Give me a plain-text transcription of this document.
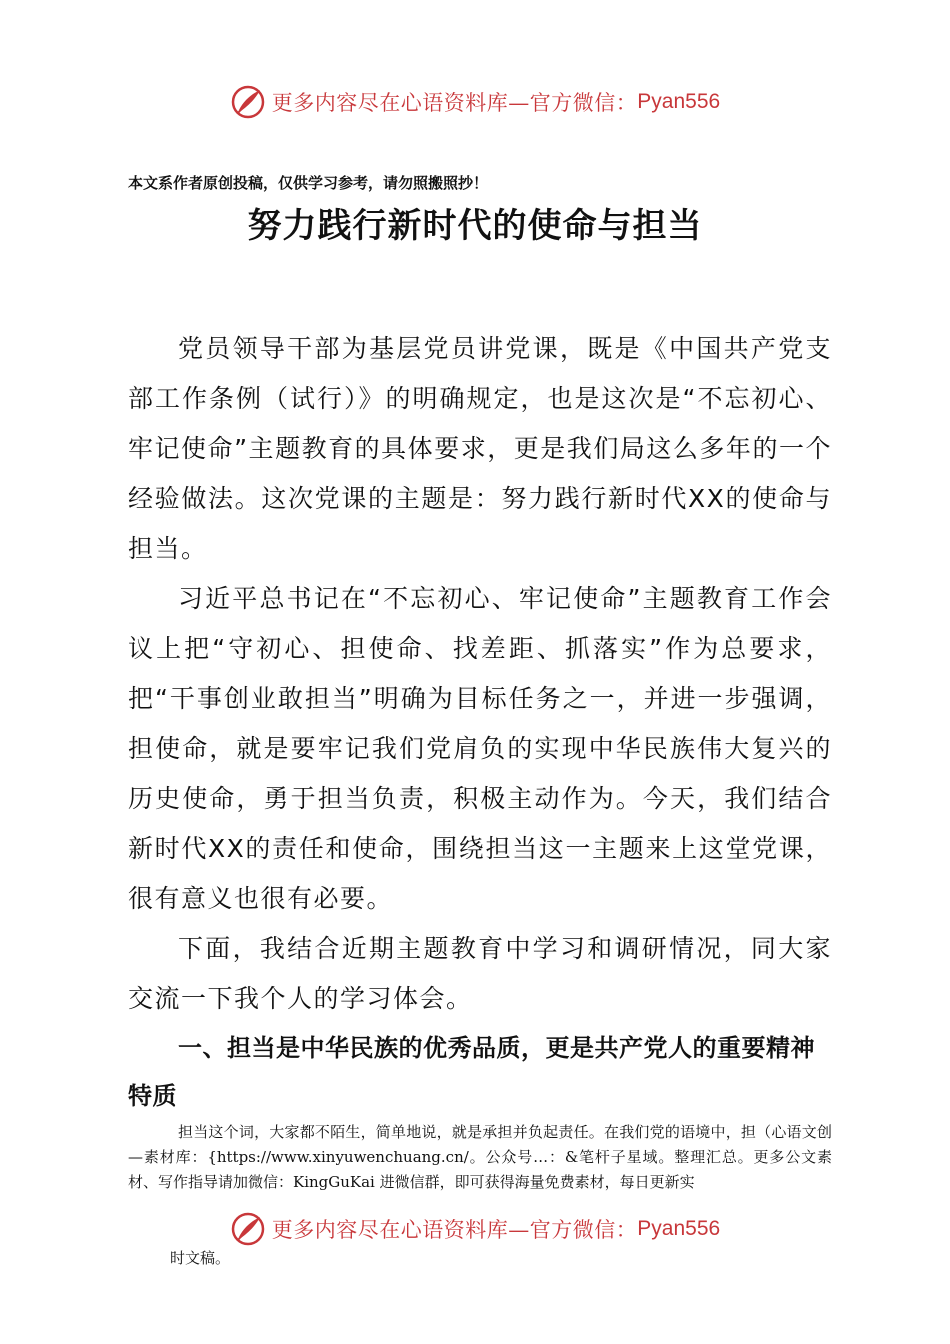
更多内容尽在心语资料库—官方微信： Pyan556
本文系作者原创投稿，仅供学习参考，请勿照搬照抄！
努力践行新时代的使命与担当

党员领导干部为基层党员讲党课，既是《中国共产党支部工作条例（试行）》的明确规定，也是这次是“不忘初心、牢记使命”主题教育的具体要求，更是我们局这么多年的一个经验做法。这次党课的主题是：努力践行新时代XX的使命与担当。

习近平总书记在“不忘初心、牢记使命”主题教育工作会议上把“守初心、担使命、找差距、抓落实”作为总要求，把“干事创业敢担当”明确为目标任务之一，并进一步强调，担使命，就是要牢记我们党肩负的实现中华民族伟大复兴的历史使命，勇于担当负责，积极主动作为。今天，我们结合新时代XX的责任和使命，围绕担当这一主题来上这堂党课，很有意义也很有必要。

下面，我结合近期主题教育中学习和调研情况，同大家交流一下我个人的学习体会。

一、担当是中华民族的优秀品质，更是共产党人的重要精神特质

担当这个词，大家都不陌生，简单地说，就是承担并负起责任。在我们党的语境中，担（心语文创—素材库：{https://www.xinyuwenchuang.cn/。公众号…：&笔杆子星域。整理汇总。更多公文素材、写作指导请加微信：KingGuKai 进微信群，即可获得海量免费素材，每日更新实
更多内容尽在心语资料库—官方微信： Pyan556
时文稿。
